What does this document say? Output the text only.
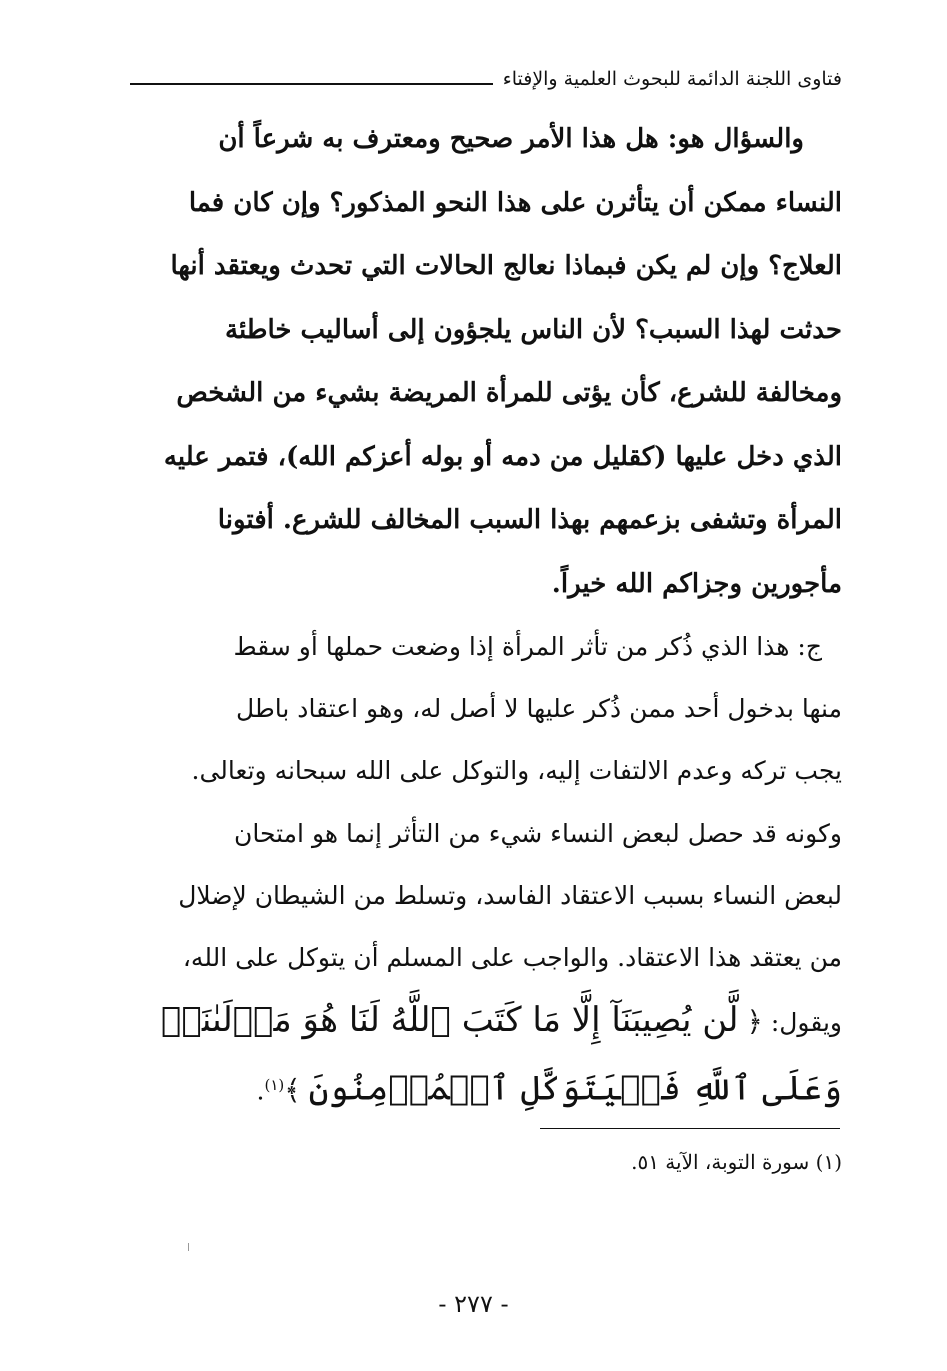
فتاوى اللجنة الدائمة للبحوث العلمية والإفتاء

والسؤال هو: هل هذا الأمر صحيح ومعترف به شرعاً أن

النساء ممكن أن يتأثرن على هذا النحو المذكور؟ وإن كان فما

العلاج؟ وإن لم يكن فبماذا نعالج الحالات التي تحدث ويعتقد أنها

حدثت لهذا السبب؟ لأن الناس يلجؤون إلى أساليب خاطئة

ومخالفة للشرع، كأن يؤتى للمرأة المريضة بشيء من الشخص

الذي دخل عليها (كقليل من دمه أو بوله أعزكم الله)، فتمر عليه

المرأة وتشفى بزعمهم بهذا السبب المخالف للشرع. أفتونا

مأجورين وجزاكم الله خيراً.

ج: هذا الذي ذُكر من تأثر المرأة إذا وضعت حملها أو سقط

منها بدخول أحد ممن ذُكر عليها لا أصل له، وهو اعتقاد باطل

يجب تركه وعدم الالتفات إليه، والتوكل على الله سبحانه وتعالى.

وكونه قد حصل لبعض النساء شيء من التأثر إنما هو امتحان

لبعض النساء بسبب الاعتقاد الفاسد، وتسلط من الشيطان لإضلال

من يعتقد هذا الاعتقاد. والواجب على المسلم أن يتوكل على الله،

ويقول: ﴿ لَّن يُصِيبَنَآ إِلَّا مَا كَتَبَ ٱللَّهُ لَنَا هُوَ مَوۡلَىٰنَاۚ

وَعَلَى ٱللَّهِ فَلۡيَتَوَكَّلِ ٱلۡمُؤۡمِنُونَ ﴾$^{(١)}$.

(١) سورة التوبة، الآية ٥١.
- ٢٧٧ -
